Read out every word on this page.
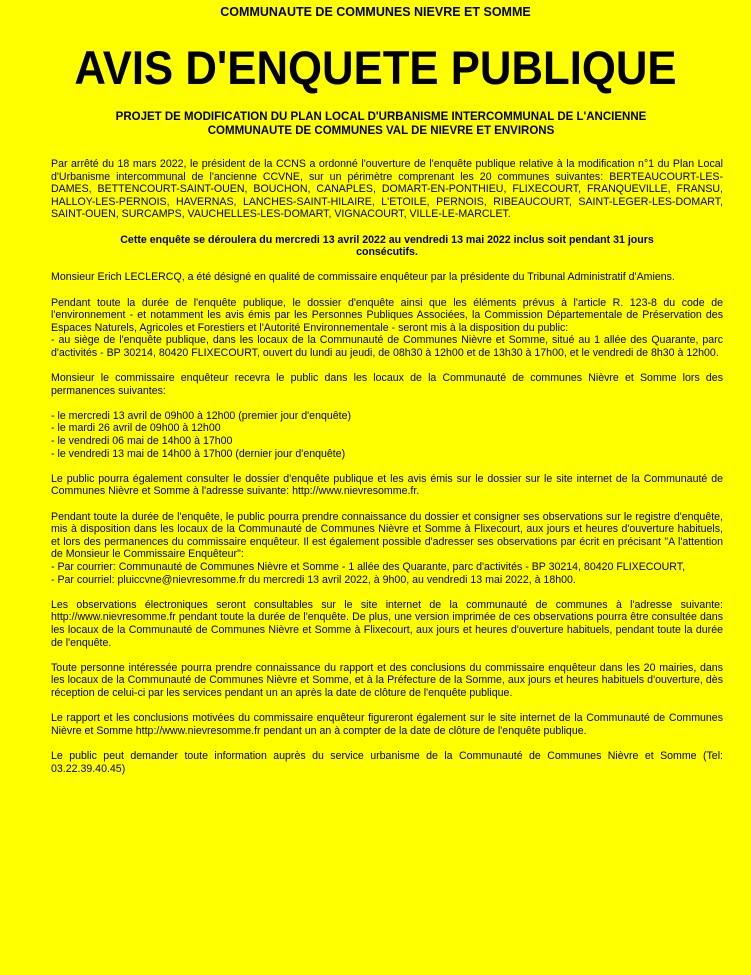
COMMUNAUTE DE COMMUNES NIEVRE ET SOMME
AVIS D'ENQUETE PUBLIQUE
PROJET DE MODIFICATION DU PLAN LOCAL D'URBANISME INTERCOMMUNAL DE L'ANCIENNE
COMMUNAUTE DE COMMUNES VAL DE NIEVRE ET ENVIRONS

Par arrêté du 18 mars 2022, le président de la CCNS a ordonné l'ouverture de l'enquête publique relative à la modification n°1 du Plan Local d'Urbanisme intercommunal de l'ancienne CCVNE, sur un périmètre comprenant les 20 communes suivantes: BERTEAUCOURT-LES-DAMES, BETTENCOURT-SAINT-OUEN, BOUCHON, CANAPLES, DOMART-EN-PONTHIEU, FLIXECOURT, FRANQUEVILLE, FRANSU, HALLOY-LES-PERNOIS, HAVERNAS, LANCHES-SAINT-HILAIRE, L'ETOILE, PERNOIS, RIBEAUCOURT, SAINT-LEGER-LES-DOMART, SAINT-OUEN, SURCAMPS, VAUCHELLES-LES-DOMART, VIGNACOURT, VILLE-LE-MARCLET.

Cette enquête se déroulera du mercredi 13 avril 2022 au vendredi 13 mai 2022 inclus soit pendant 31 jours

consécutifs.

Monsieur Erich LECLERCQ, a été désigné en qualité de commissaire enquêteur par la présidente du Tribunal Administratif d'Amiens.

Pendant toute la durée de l'enquête publique, le dossier d'enquête ainsi que les éléments prévus à l'article R. 123-8 du code de l'environnement - et notamment les avis émis par les Personnes Publiques Associées, la Commission Départementale de Préservation des Espaces Naturels, Agricoles et Forestiers et l'Autorité Environnementale - seront mis à la disposition du public:

- au siège de l'enquête publique, dans les locaux de la Communauté de Communes Nièvre et Somme, situé au 1 allée des Quarante, parc d'activités - BP 30214, 80420 FLIXECOURT, ouvert du lundi au jeudi, de 08h30 à 12h00 et de 13h30 à 17h00, et le vendredi de 8h30 à 12h00.

Monsieur le commissaire enquêteur recevra le public dans les locaux de la Communauté de communes Nièvre et Somme lors des permanences suivantes:

- le mercredi 13 avril de 09h00 à 12h00 (premier jour d'enquête)

- le mardi 26 avril de 09h00 à 12h00

- le vendredi 06 mai de 14h00 à 17h00

- le vendredi 13 mai de 14h00 à 17h00 (dernier jour d'enquête)

Le public pourra également consulter le dossier d'enquête publique et les avis émis sur le dossier sur le site internet de la Communauté de Communes Nièvre et Somme à l'adresse suivante: http://www.nievresomme.fr.

Pendant toute la durée de l'enquête, le public pourra prendre connaissance du dossier et consigner ses observations sur le registre d'enquête, mis à disposition dans les locaux de la Communauté de Communes Nièvre et Somme à Flixecourt, aux jours et heures d'ouverture habituels, et lors des permanences du commissaire enquêteur. Il est également possible d'adresser ses observations par écrit en précisant "A l'attention de Monsieur le Commissaire Enquêteur":

- Par courrier: Communauté de Communes Nièvre et Somme - 1 allée des Quarante, parc d'activités - BP 30214, 80420 FLIXECOURT,

- Par courriel: pluiccvne@nievresomme.fr du mercredi 13 avril 2022, à 9h00, au vendredi 13 mai 2022, à 18h00.

Les observations électroniques seront consultables sur le site internet de la communauté de communes à l'adresse suivante: http://www.nievresomme.fr pendant toute la durée de l'enquête. De plus, une version imprimée de ces observations pourra être consultée dans les locaux de la Communauté de Communes Nièvre et Somme à Flixecourt, aux jours et heures d'ouverture habituels, pendant toute la durée de l'enquête.

Toute personne intéressée pourra prendre connaissance du rapport et des conclusions du commissaire enquêteur dans les 20 mairies, dans les locaux de la Communauté de Communes Nièvre et Somme, et à la Préfecture de la Somme, aux jours et heures habituels d'ouverture, dès réception de celui-ci par les services pendant un an après la date de clôture de l'enquête publique.

Le rapport et les conclusions motivées du commissaire enquêteur figureront également sur le site internet de la Communauté de Communes Nièvre et Somme http://www.nievresomme.fr pendant un an à compter de la date de clôture de l'enquête publique.

Le public peut demander toute information auprès du service urbanisme de la Communauté de Communes Nièvre et Somme (Tel: 03.22.39.40.45)
